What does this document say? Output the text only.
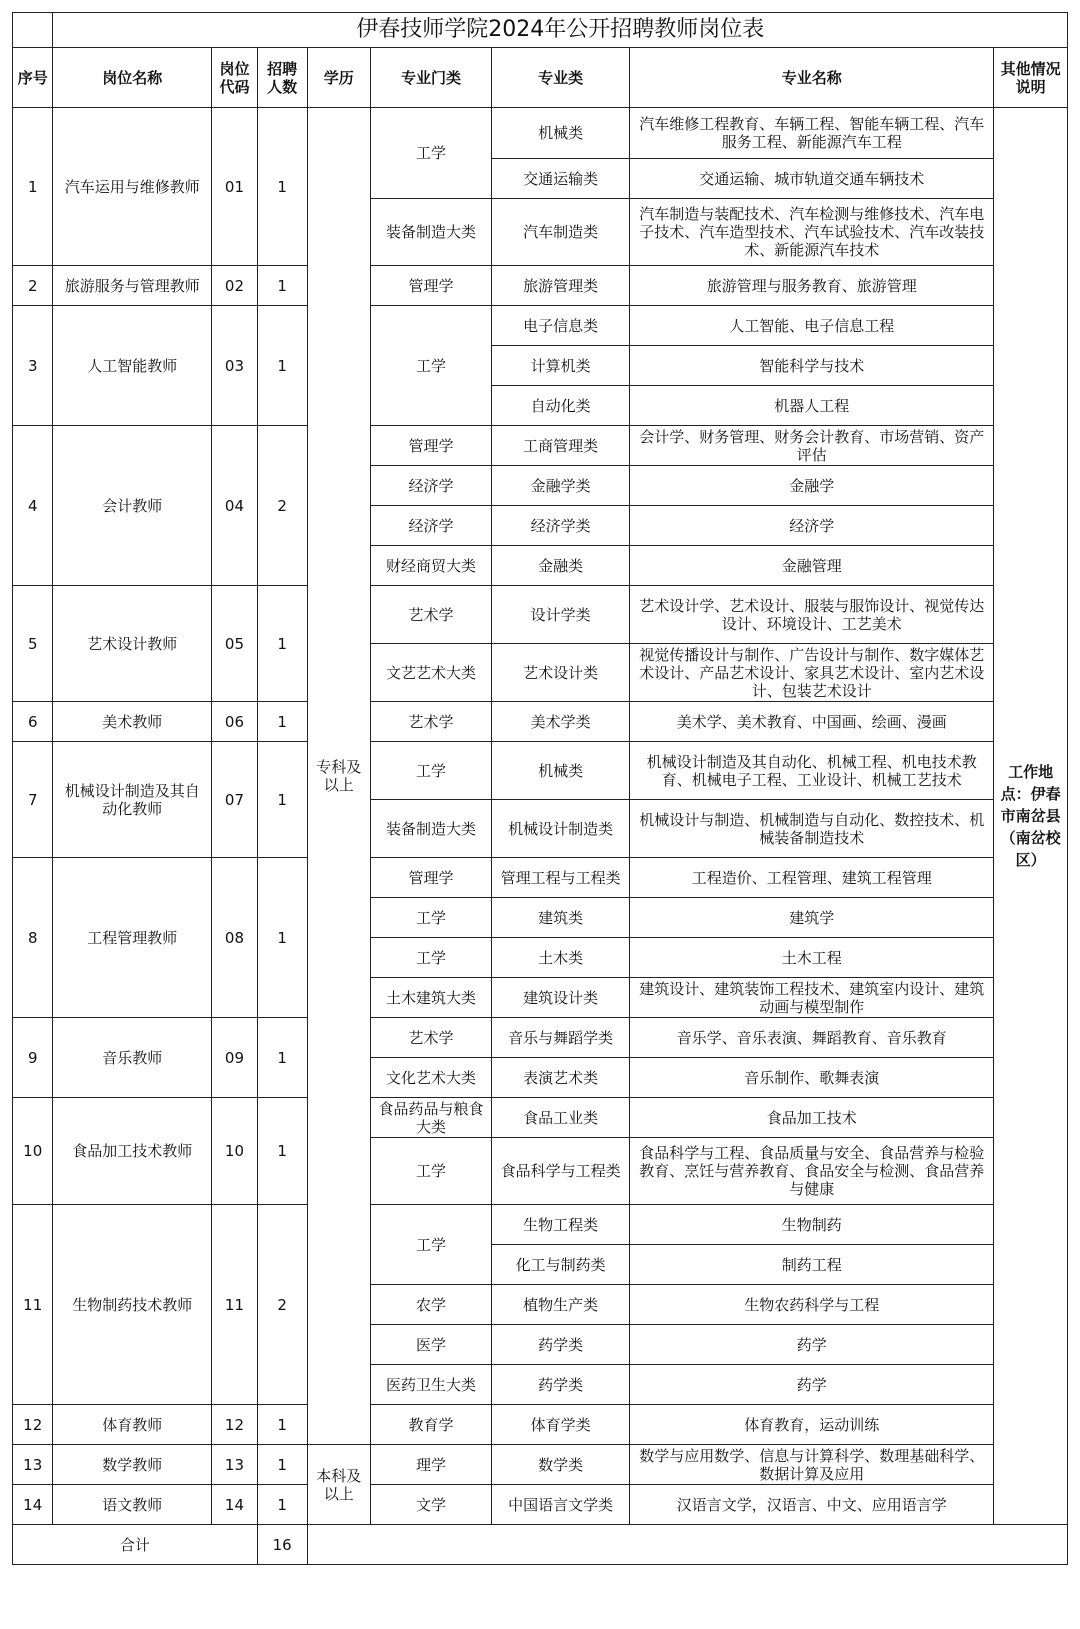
	伊春技师学院2024年公开招聘教师岗位表							
序号	岗位名称	岗位代码	招聘人数	学历	专业门类	专业类	专业名称	其他情况说明
1	汽车运用与维修教师	01	1	专科及以上	工学	机械类	汽车维修工程教育、车辆工程、智能车辆工程、汽车服务工程、新能源汽车工程	工作地点：伊春市南岔县（南岔校区）
						交通运输类	交通运输、城市轨道交通车辆技术	
					装备制造大类	汽车制造类	汽车制造与装配技术、汽车检测与维修技术、汽车电子技术、汽车造型技术、汽车试验技术、汽车改装技术、新能源汽车技术	
2	旅游服务与管理教师	02	1		管理学	旅游管理类	旅游管理与服务教育、旅游管理	
3	人工智能教师	03	1		工学	电子信息类	人工智能、电子信息工程	
						计算机类	智能科学与技术	
						自动化类	机器人工程	
4	会计教师	04	2		管理学	工商管理类	会计学、财务管理、财务会计教育、市场营销、资产评估	
					经济学	金融学类	金融学	
					经济学	经济学类	经济学	
					财经商贸大类	金融类	金融管理	
5	艺术设计教师	05	1		艺术学	设计学类	艺术设计学、艺术设计、服装与服饰设计、视觉传达设计、环境设计、工艺美术	
					文艺艺术大类	艺术设计类	视觉传播设计与制作、广告设计与制作、数字媒体艺术设计、产品艺术设计、家具艺术设计、室内艺术设计、包装艺术设计	
6	美术教师	06	1		艺术学	美术学类	美术学、美术教育、中国画、绘画、漫画	
7	机械设计制造及其自动化教师	07	1		工学	机械类	机械设计制造及其自动化、机械工程、机电技术教育、机械电子工程、工业设计、机械工艺技术	
					装备制造大类	机械设计制造类	机械设计与制造、机械制造与自动化、数控技术、机械装备制造技术	
8	工程管理教师	08	1		管理学	管理工程与工程类	工程造价、工程管理、建筑工程管理	
					工学	建筑类	建筑学	
					工学	土木类	土木工程	
					土木建筑大类	建筑设计类	建筑设计、建筑装饰工程技术、建筑室内设计、建筑动画与模型制作	
9	音乐教师	09	1		艺术学	音乐与舞蹈学类	音乐学、音乐表演、舞蹈教育、音乐教育	
					文化艺术大类	表演艺术类	音乐制作、歌舞表演	
10	食品加工技术教师	10	1		食品药品与粮食大类	食品工业类	食品加工技术	
					工学	食品科学与工程类	食品科学与工程、食品质量与安全、食品营养与检验教育、烹饪与营养教育、食品安全与检测、食品营养与健康	
11	生物制药技术教师	11	2		工学	生物工程类	生物制药	
						化工与制药类	制药工程	
					农学	植物生产类	生物农药科学与工程	
					医学	药学类	药学	
					医药卫生大类	药学类	药学	
12	体育教师	12	1		教育学	体育学类	体育教育，运动训练	
13	数学教师	13	1	本科及以上	理学	数学类	数学与应用数学、信息与计算科学、数理基础科学、数据计算及应用	
14	语文教师	14	1		文学	中国语言文学类	汉语言文学，汉语言、中文、应用语言学	
合计			16					
